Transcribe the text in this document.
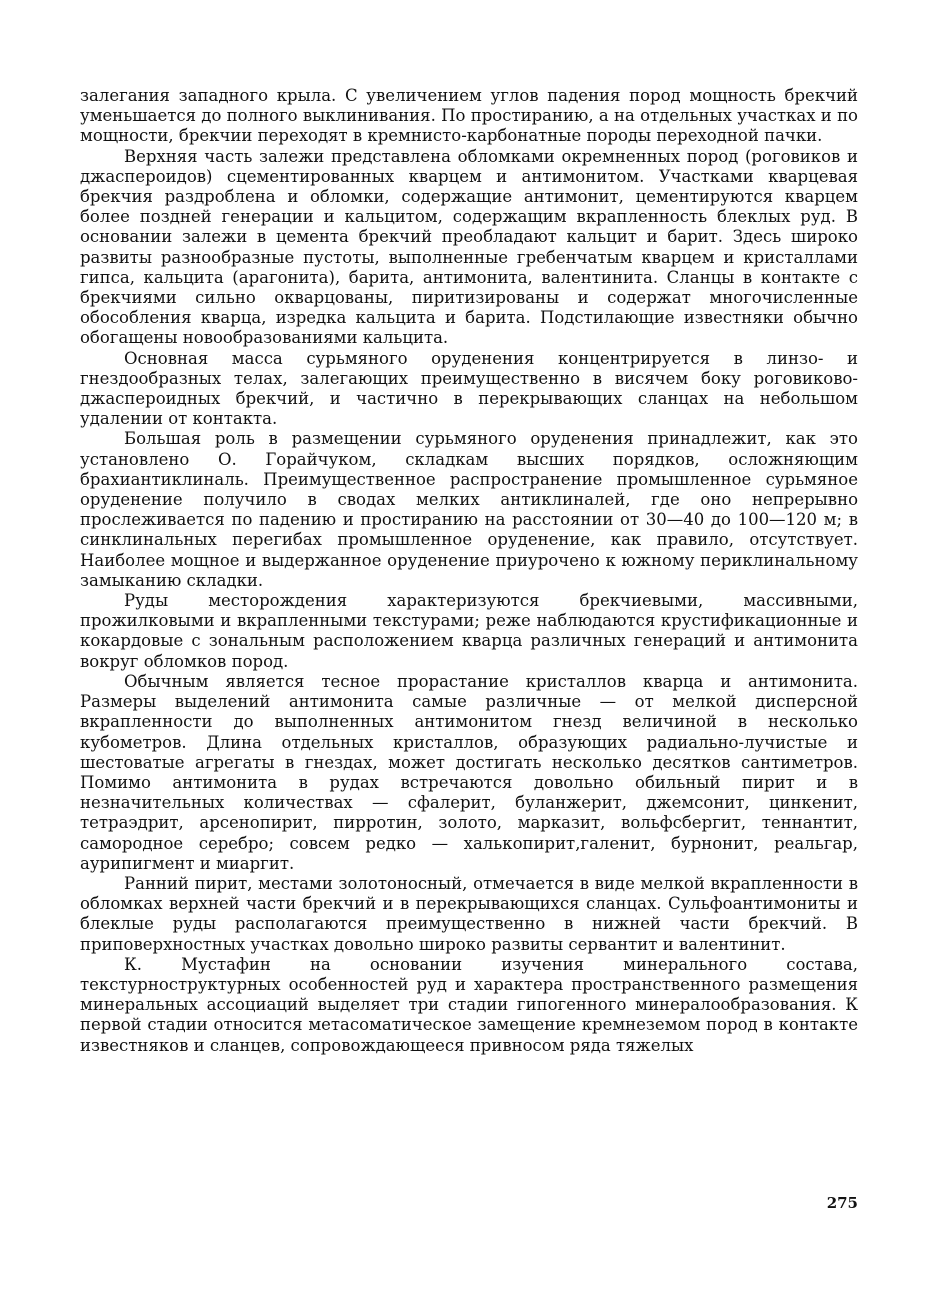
залегания западного крыла. С увеличением углов падения пород мощность брекчий уменьшается до полного выклинивания. По простиранию, а на отдельных участках и по мощности, брекчии переходят в кремнисто-карбонатные породы переходной пачки.

Верхняя часть залежи представлена обломками окремненных пород (роговиков и джаспероидов) сцементированных кварцем и антимонитом. Участками кварцевая брекчия раздроблена и обломки, содержащие антимонит, цементируются кварцем более поздней генерации и кальцитом, содержащим вкрапленность блеклых руд. В основании залежи в цемента брекчий преобладают кальцит и барит. Здесь широко развиты разнообразные пустоты, выполненные гребенчатым кварцем и кристаллами гипса, кальцита (арагонита), барита, антимонита, валентинита. Сланцы в контакте с брекчиями сильно окварцованы, пиритизированы и содержат многочисленные обособления кварца, изредка кальцита и барита. Подстилающие известняки обычно обогащены новообразованиями кальцита.

Основная масса сурьмяного оруденения концентрируется в линзо- и гнездообразных телах, залегающих преимущественно в висячем боку роговиково-джаспероидных брекчий, и частично в перекрывающих сланцах на небольшом удалении от контакта.

Большая роль в размещении сурьмяного оруденения принадлежит, как это установлено О. Горайчуком, складкам высших порядков, осложняющим брахиантиклиналь. Преимущественное распространение промышленное сурьмяное оруденение получило в сводах мелких антиклиналей, где оно непрерывно прослеживается по падению и простиранию на расстоянии от 30—40 до 100—120 м; в синклинальных перегибах промышленное оруденение, как правило, отсутствует. Наиболее мощное и выдержанное оруденение приурочено к южному периклинальному замыканию складки.

Руды месторождения характеризуются брекчиевыми, массивными, прожилковыми и вкрапленными текстурами; реже наблюдаются крустификационные и кокардовые с зональным расположением кварца различных генераций и антимонита вокруг обломков пород.

Обычным является тесное прорастание кристаллов кварца и антимонита. Размеры выделений антимонита самые различные — от мелкой дисперсной вкрапленности до выполненных антимонитом гнезд величиной в несколько кубометров. Длина отдельных кристаллов, образующих радиально-лучистые и шестоватые агрегаты в гнездах, может достигать несколько десятков сантиметров. Помимо антимонита в рудах встречаются довольно обильный пирит и в незначительных количествах — сфалерит, буланжерит, джемсонит, цинкенит, тетраэдрит, арсенопирит, пирротин, золото, марказит, вольфсбергит, теннантит, самородное серебро; совсем редко — халькопирит,галенит, бурнонит, реальгар, аурипигмент и миаргит.

Ранний пирит, местами золотоносный, отмечается в виде мелкой вкрапленности в обломках верхней части брекчий и в перекрывающихся сланцах. Сульфоантимониты и блеклые руды располагаются преимущественно в нижней части брекчий. В приповерхностных участках довольно широко развиты сервантит и валентинит.

К. Мустафин на основании изучения минерального состава, текстурноструктурных особенностей руд и характера пространственного размещения минеральных ассоциаций выделяет три стадии гипогенного минералообразования. К первой стадии относится метасоматическое замещение кремнеземом пород в контакте известняков и сланцев, сопровождающееся привносом ряда тяжелых

275
